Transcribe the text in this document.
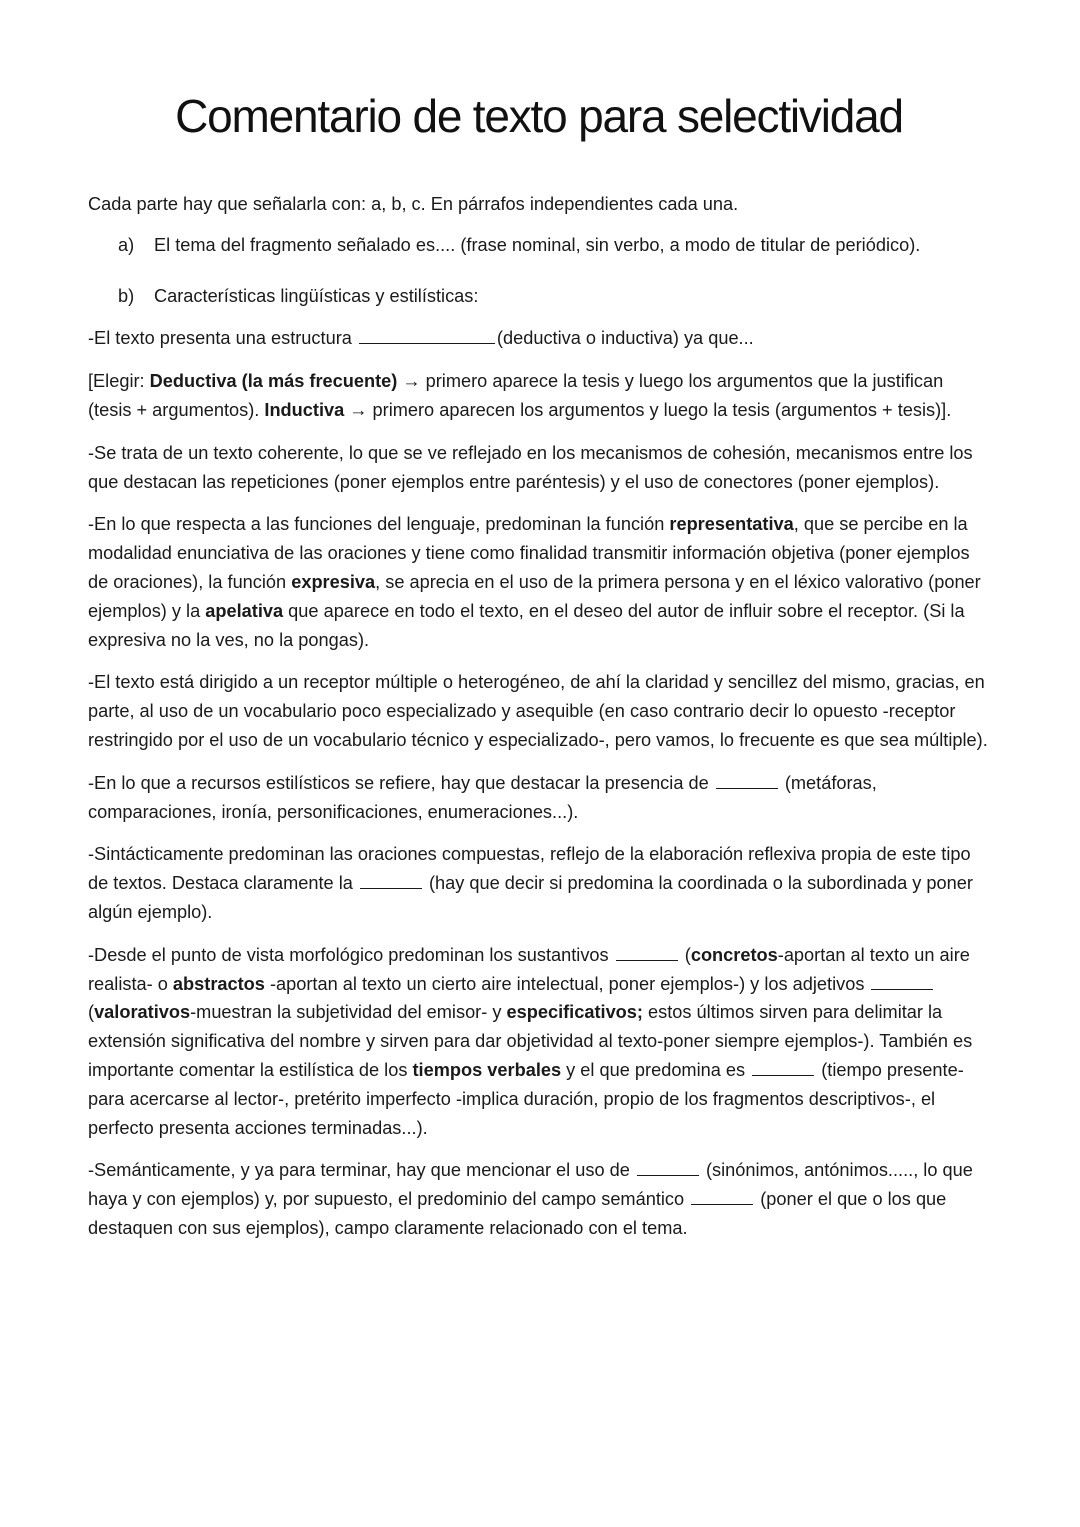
Comentario de texto para selectividad

Cada parte hay que señalarla con: a, b, c. En párrafos independientes cada una.

a)	El tema del fragmento señalado es.... (frase nominal, sin verbo, a modo de titular de periódico).
b)	Características lingüísticas y estilísticas:

-El texto presenta una estructura	(deductiva o inductiva) ya que...

[Elegir: Deductiva (la más frecuente) → primero aparece la tesis y luego los argumentos que la justifican (tesis + argumentos). Inductiva → primero aparecen los argumentos y luego la tesis (argumentos + tesis)].

-Se trata de un texto coherente, lo que se ve reflejado en los mecanismos de cohesión, mecanismos entre los que destacan las repeticiones (poner ejemplos entre paréntesis) y el uso de conectores (poner ejemplos).

-En lo que respecta a las funciones del lenguaje, predominan la función representativa, que se percibe en la modalidad enunciativa de las oraciones y tiene como finalidad transmitir información objetiva (poner ejemplos de oraciones), la función expresiva, se aprecia en el uso de la primera persona y en el léxico valorativo (poner ejemplos) y la apelativa que aparece en todo el texto, en el deseo del autor de influir sobre el receptor. (Si la expresiva no la ves, no la pongas).

-El texto está dirigido a un receptor múltiple o heterogéneo, de ahí la claridad y sencillez del mismo, gracias, en parte, al uso de un vocabulario poco especializado y asequible (en caso contrario decir lo opuesto -receptor restringido por el uso de un vocabulario técnico y especializado-, pero vamos, lo frecuente es que sea múltiple).

-En lo que a recursos estilísticos se refiere, hay que destacar la presencia de	(metáforas, comparaciones, ironía, personificaciones, enumeraciones...).

-Sintácticamente predominan las oraciones compuestas, reflejo de la elaboración reflexiva propia de este tipo de textos. Destaca claramente la	(hay que decir si predomina la coordinada o la subordinada y poner algún ejemplo).

-Desde el punto de vista morfológico predominan los sustantivos	(concretos-aportan al texto un aire realista- o abstractos -aportan al texto un cierto aire intelectual, poner ejemplos-) y los adjetivos  (valorativos-muestran la subjetividad del emisor- y especificativos; estos últimos sirven para delimitar la extensión significativa del nombre y sirven para dar objetividad al texto-poner siempre ejemplos-). También es importante comentar la estilística de los tiempos verbales y el que predomina es	(tiempo presente-para acercarse al lector-, pretérito imperfecto -implica duración, propio de los fragmentos descriptivos-, el perfecto presenta acciones terminadas...).

-Semánticamente, y ya para terminar, hay que mencionar el uso de	(sinónimos, antónimos....., lo que haya y con ejemplos) y, por supuesto, el predominio del campo semántico	(poner el que o los que destaquen con sus ejemplos), campo claramente relacionado con el tema.
